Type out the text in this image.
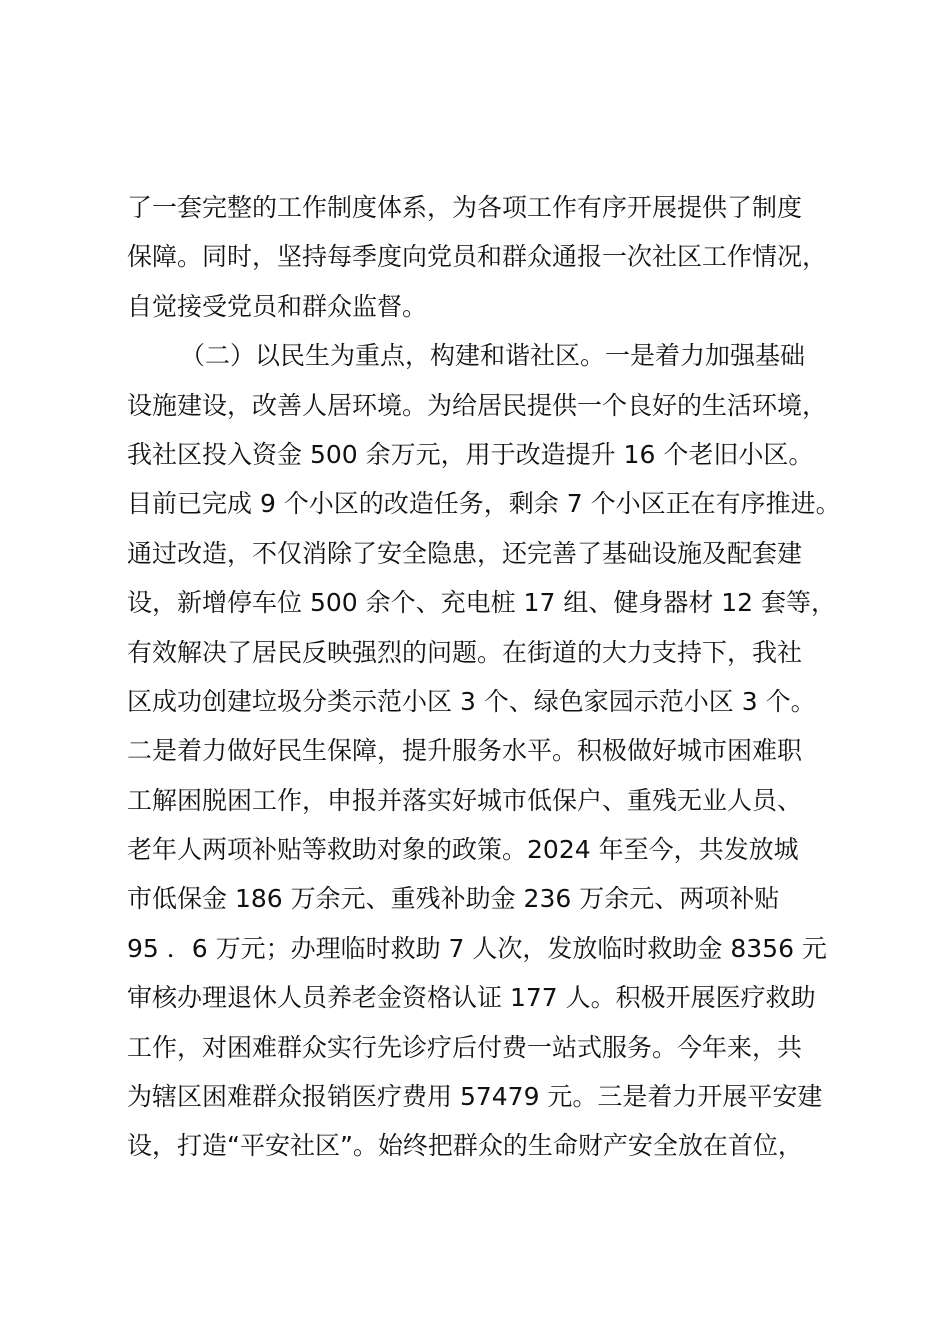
了一套完整的工作制度体系，为各项工作有序开展提供了制度
保障。同时，坚持每季度向党员和群众通报一次社区工作情况，
自觉接受党员和群众监督。
（二）以民生为重点，构建和谐社区。一是着力加强基础
设施建设，改善人居环境。为给居民提供一个良好的生活环境，
我社区投入资金 500 余万元，用于改造提升 16 个老旧小区。
目前已完成 9 个小区的改造任务，剩余 7 个小区正在有序推进。
通过改造，不仅消除了安全隐患，还完善了基础设施及配套建
设，新增停车位 500 余个、充电桩 17 组、健身器材 12 套等，
有效解决了居民反映强烈的问题。在街道的大力支持下，我社
区成功创建垃圾分类示范小区 3 个、绿色家园示范小区 3 个。
二是着力做好民生保障，提升服务水平。积极做好城市困难职
工解困脱困工作，申报并落实好城市低保户、重残无业人员、
老年人两项补贴等救助对象的政策。2024 年至今，共发放城
市低保金 186 万余元、重残补助金 236 万余元、两项补贴
95 ．6 万元；办理临时救助 7 人次，发放临时救助金 8356 元
审核办理退休人员养老金资格认证 177 人。积极开展医疗救助
工作，对困难群众实行先诊疗后付费一站式服务。今年来，共
为辖区困难群众报销医疗费用 57479 元。三是着力开展平安建
设，打造“平安社区”。始终把群众的生命财产安全放在首位，
